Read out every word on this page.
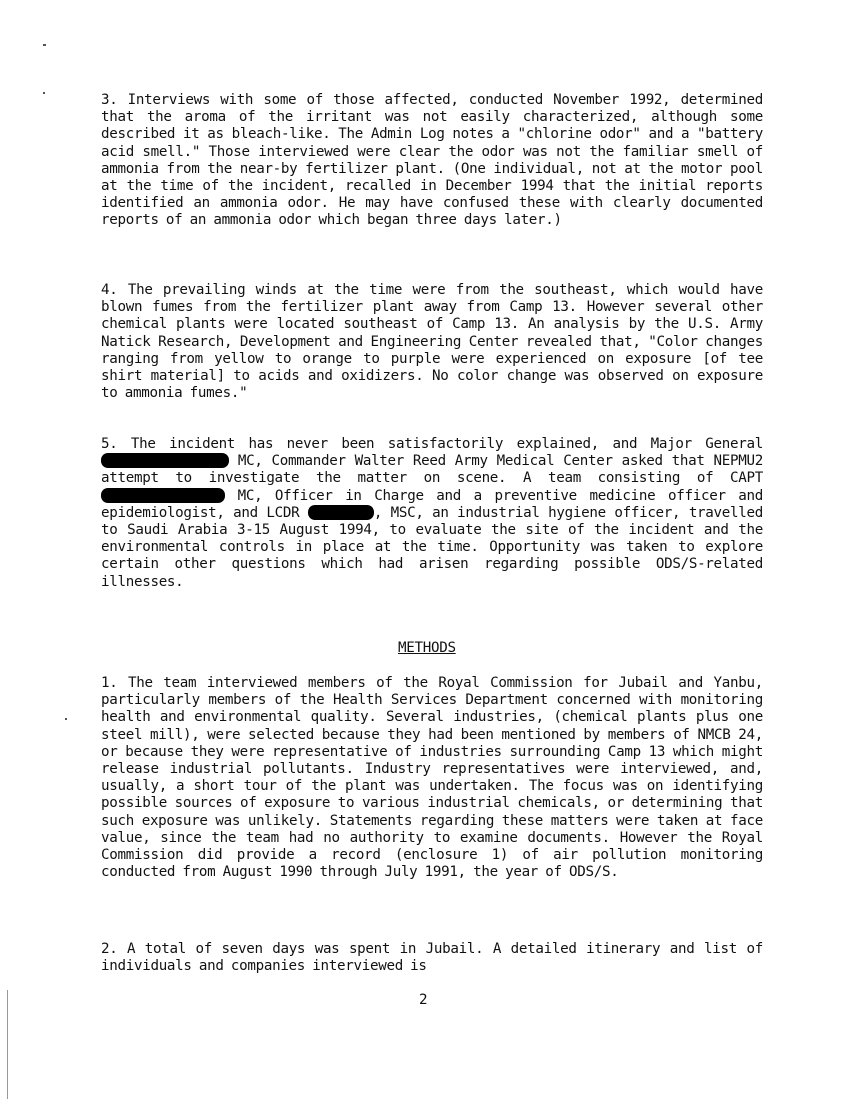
3. Interviews with some of those affected, conducted November 1992, determined that the aroma of the irritant was not easily characterized, although some described it as bleach-like. The Admin Log notes a "chlorine odor" and a "battery acid smell." Those interviewed were clear the odor was not the familiar smell of ammonia from the near-by fertilizer plant. (One individual, not at the motor pool at the time of the incident, recalled in December 1994 that the initial reports identified an ammonia odor. He may have confused these with clearly documented reports of an ammonia odor which began three days later.)

4. The prevailing winds at the time were from the southeast, which would have blown fumes from the fertilizer plant away from Camp 13. However several other chemical plants were located southeast of Camp 13. An analysis by the U.S. Army Natick Research, Development and Engineering Center revealed that, "Color changes ranging from yellow to orange to purple were experienced on exposure [of tee shirt material] to acids and oxidizers. No color change was observed on exposure to ammonia fumes."

5. The incident has never been satisfactorily explained, and Major General  MC, Commander Walter Reed Army Medical Center asked that NEPMU2 attempt to investigate the matter on scene. A team consisting of CAPT  MC, Officer in Charge and a preventive medicine officer and epidemiologist, and LCDR	, MSC, an industrial hygiene officer, travelled to Saudi Arabia 3-15 August 1994, to evaluate the site of the incident and the environmental controls in place at the time. Opportunity was taken to explore certain other questions which had arisen regarding possible ODS/S-related illnesses.

METHODS

1. The team interviewed members of the Royal Commission for Jubail and Yanbu, particularly members of the Health Services Department concerned with monitoring health and environmental quality. Several industries, (chemical plants plus one steel mill), were selected because they had been mentioned by members of NMCB 24, or because they were representative of industries surrounding Camp 13 which might release industrial pollutants. Industry representatives were interviewed, and, usually, a short tour of the plant was undertaken. The focus was on identifying possible sources of exposure to various industrial chemicals, or determining that such exposure was unlikely. Statements regarding these matters were taken at face value, since the team had no authority to examine documents. However the Royal Commission did provide a record (enclosure 1) of air pollution monitoring conducted from August 1990 through July 1991, the year of ODS/S.

2. A total of seven days was spent in Jubail. A detailed itinerary and list of individuals and companies interviewed is

2
